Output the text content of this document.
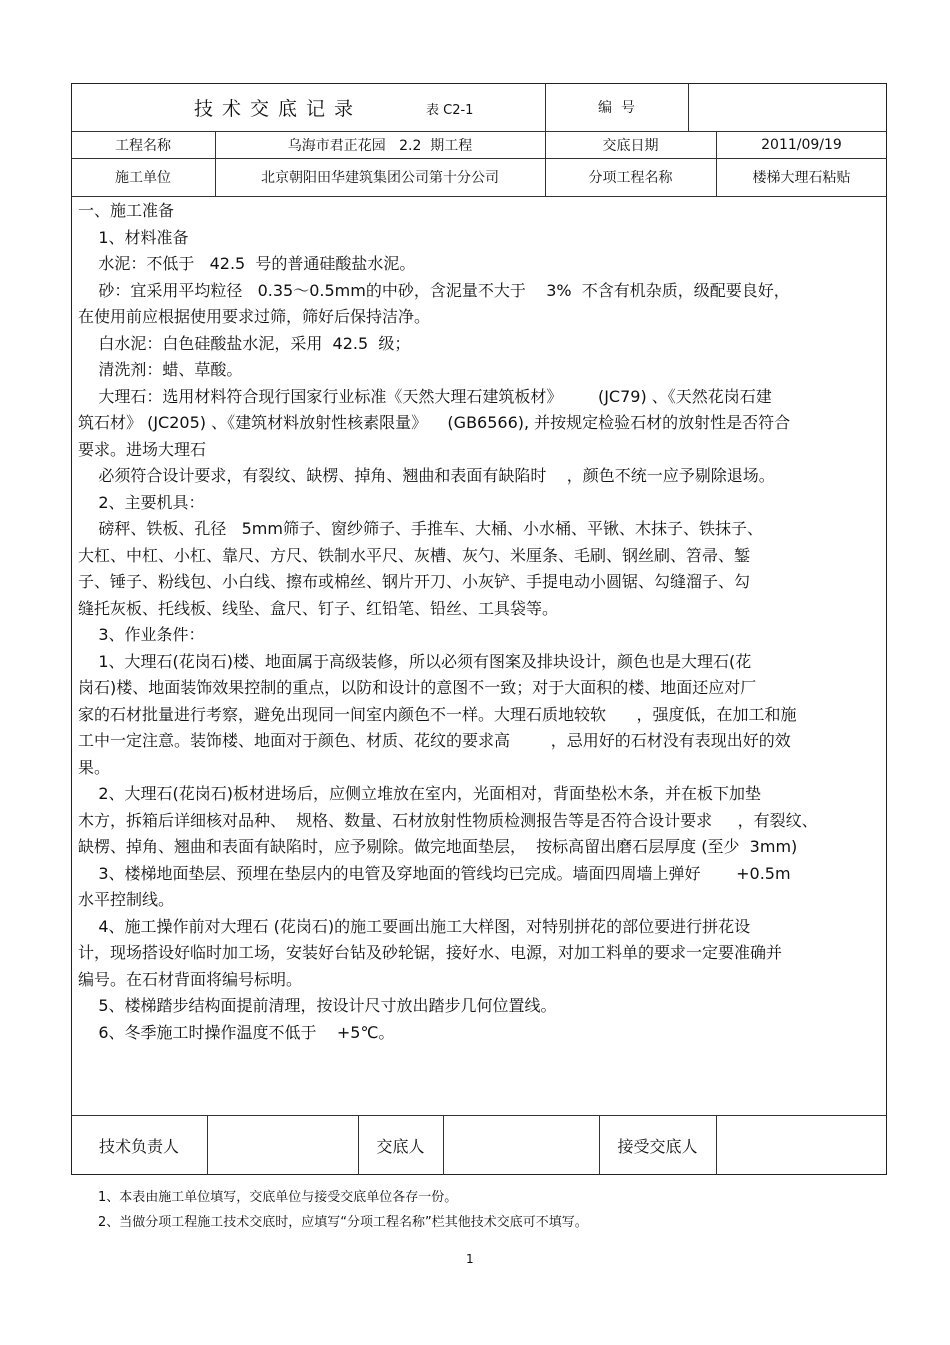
技术交底记录	表 C2-1	编  号
工程名称	乌海市君正花园   2.2  期工程	交底日期	2011/09/19
施工单位	北京朝阳田华建筑集团公司第十分公司	分项工程名称	楼梯大理石粘贴

一、施工准备

1、材料准备

水泥：不低于   42.5  号的普通硅酸盐水泥。

砂：宜采用平均粒径   0.35～0.5mm的中砂，含泥量不大于    3%  不含有机杂质，级配要良好，

在使用前应根据使用要求过筛，筛好后保持洁净。

白水泥：白色硅酸盐水泥，采用  42.5  级；

清洗剂：蜡、草酸。

大理石：选用材料符合现行国家行业标准《天然大理石建筑板材》       (JC79) 、《天然花岗石建

筑石材》 (JC205) 、《建筑材料放射性核素限量》    (GB6566), 并按规定检验石材的放射性是否符合

要求。进场大理石

必须符合设计要求，有裂纹、缺楞、掉角、翘曲和表面有缺陷时    ，颜色不统一应予剔除退场。

2、主要机具：

磅秤、铁板、孔径   5mm筛子、窗纱筛子、手推车、大桶、小水桶、平锹、木抹子、铁抹子、

大杠、中杠、小杠、靠尺、方尺、铁制水平尺、灰槽、灰勺、米厘条、毛刷、钢丝刷、笤帚、錾

子、锤子、粉线包、小白线、擦布或棉丝、钢片开刀、小灰铲、手提电动小圆锯、勾缝溜子、勾

缝托灰板、托线板、线坠、盒尺、钉子、红铅笔、铅丝、工具袋等。

3、作业条件：

1、大理石(花岗石)楼、地面属于高级装修，所以必须有图案及排块设计，颜色也是大理石(花

岗石)楼、地面装饰效果控制的重点，以防和设计的意图不一致；对于大面积的楼、地面还应对厂

家的石材批量进行考察，避免出现同一间室内颜色不一样。大理石质地较软      ，强度低，在加工和施

工中一定注意。装饰楼、地面对于颜色、材质、花纹的要求高        ，忌用好的石材没有表现出好的效

果。

2、大理石(花岗石)板材进场后，应侧立堆放在室内，光面相对，背面垫松木条，并在板下加垫

木方，拆箱后详细核对品种、  规格、数量、石材放射性物质检测报告等是否符合设计要求     ，有裂纹、

缺楞、掉角、翘曲和表面有缺陷时，应予剔除。做完地面垫层，  按标高留出磨石层厚度 (至少  3mm)

3、楼梯地面垫层、预埋在垫层内的电管及穿地面的管线均已完成。墙面四周墙上弹好       +0.5m

水平控制线。

4、施工操作前对大理石 (花岗石)的施工要画出施工大样图，对特别拼花的部位要进行拼花设

计，现场搭设好临时加工场，安装好台钻及砂轮锯，接好水、电源，对加工料单的要求一定要准确并

编号。在石材背面将编号标明。

5、楼梯踏步结构面提前清理，按设计尺寸放出踏步几何位置线。

6、冬季施工时操作温度不低于    +5℃。

技术负责人	交底人	接受交底人
1、本表由施工单位填写，交底单位与接受交底单位各存一份。
2、当做分项工程施工技术交底时，应填写“分项工程名称”栏其他技术交底可不填写。
1
